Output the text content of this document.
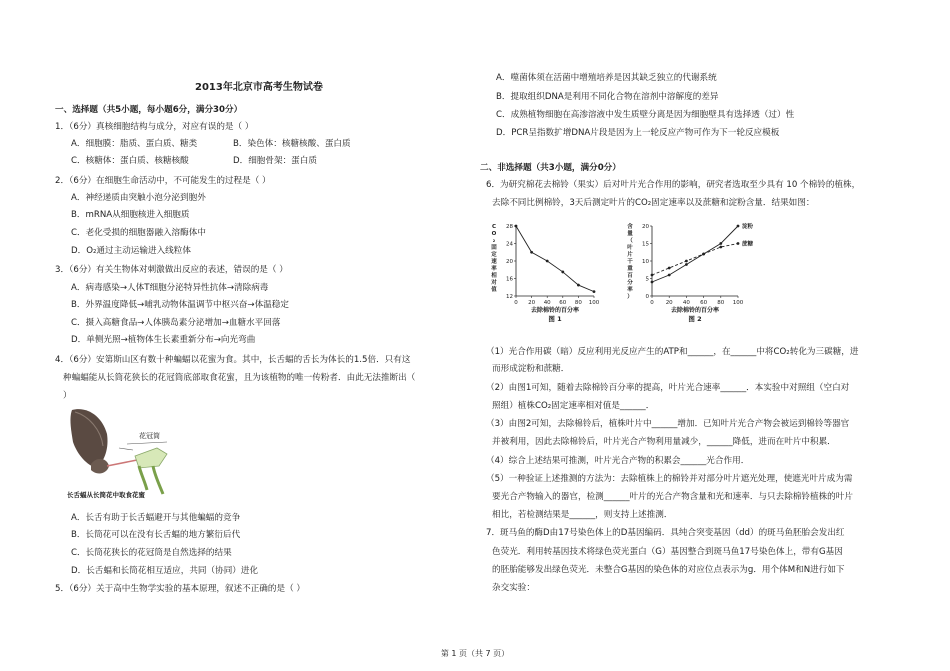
2013年北京市高考生物试卷
一、选择题（共5小题，每小题6分，满分30分）
1．（6分）真核细胞结构与成分，对应有误的是（ ）
A．细胞膜：脂质、蛋白质、糖类	B．染色体：核糖核酸、蛋白质
C．核糖体：蛋白质、核糖核酸	D．细胞骨架：蛋白质
2．（6分）在细胞生命活动中，不可能发生的过程是（ ）
A．神经递质由突触小泡分泌到胞外
B．mRNA从细胞核进入细胞质
C．老化受损的细胞器融入溶酶体中
D．O₂通过主动运输进入线粒体
3．（6分）有关生物体对刺激做出反应的表述，错误的是（ ）
A．病毒感染→人体T细胞分泌特异性抗体→清除病毒
B．外界温度降低→哺乳动物体温调节中枢兴奋→体温稳定
C．摄入高糖食品→人体胰岛素分泌增加→血糖水平回落
D．单侧光照→植物体生长素重新分布→向光弯曲
4．（6分）安第斯山区有数十种蝙蝠以花蜜为食。其中，长舌蝠的舌长为体长的1.5倍．只有这
种蝙蝠能从长筒花狭长的花冠筒底部取食花蜜，且为该植物的唯一传粉者．由此无法推断出（
）
花冠筒
长舌蝠从长筒花中取食花蜜
A．长舌有助于长舌蝠避开与其他蝙蝠的竞争
B．长筒花可以在没有长舌蝠的地方繁衍后代
C．长筒花狭长的花冠筒是自然选择的结果
D．长舌蝠和长筒花相互适应，共同（协同）进化
5．（6分）关于高中生物学实验的基本原理，叙述不正确的是（ ）
A．噬菌体须在活菌中增殖培养是因其缺乏独立的代谢系统
B．提取组织DNA是利用不同化合物在溶剂中溶解度的差异
C．成熟植物细胞在高渗溶液中发生质壁分离是因为细胞壁具有选择透（过）性
D．PCR呈指数扩增DNA片段是因为上一轮反应产物可作为下一轮反应模板
二、非选择题（共3小题，满分0分）
6．为研究棉花去棉铃（果实）后对叶片光合作用的影响，研究者选取至少具有 10 个棉铃的植株，
去除不同比例棉铃，3天后测定叶片的CO₂固定速率以及蔗糖和淀粉含量．结果如图：
12
16
20
24
28
0 20 40 60 80 100
去除棉铃的百分率
图 1
C
O
₂
固
定
速
率
相
对
值
0
5
10
15
20
0 20 40 60 80 100
去除棉铃的百分率
图 2
含
量
（
叶
片
干
重
百
分
率
）
淀粉
蔗糖
（1）光合作用碳（暗）反应利用光反应产生的ATP和______，在______中将CO₂转化为三碳糖，进
而形成淀粉和蔗糖．
（2）由图1可知，随着去除棉铃百分率的提高，叶片光合速率______．本实验中对照组（空白对
照组）植株CO₂固定速率相对值是______．
（3）由图2可知，去除棉铃后，植株叶片中______增加．已知叶片光合产物会被运到棉铃等器官
并被利用，因此去除棉铃后，叶片光合产物利用量减少，______降低，进而在叶片中积累．
（4）综合上述结果可推测，叶片光合产物的积累会______光合作用．
（5）一种验证上述推测的方法为：去除植株上的棉铃并对部分叶片遮光处理，使遮光叶片成为需
要光合产物输入的器官，检测______叶片的光合产物含量和光和速率．与只去除棉铃植株的叶片
相比，若检测结果是______，则支持上述推测．
7．斑马鱼的酶D由17号染色体上的D基因编码．具纯合突变基因（dd）的斑马鱼胚胎会发出红
色荧光．利用转基因技术将绿色荧光蛋白（G）基因整合到斑马鱼17号染色体上，带有G基因
的胚胎能够发出绿色荧光．未整合G基因的染色体的对应位点表示为g．用个体M和N进行如下
杂交实验：
第 1 页（共 7 页）
